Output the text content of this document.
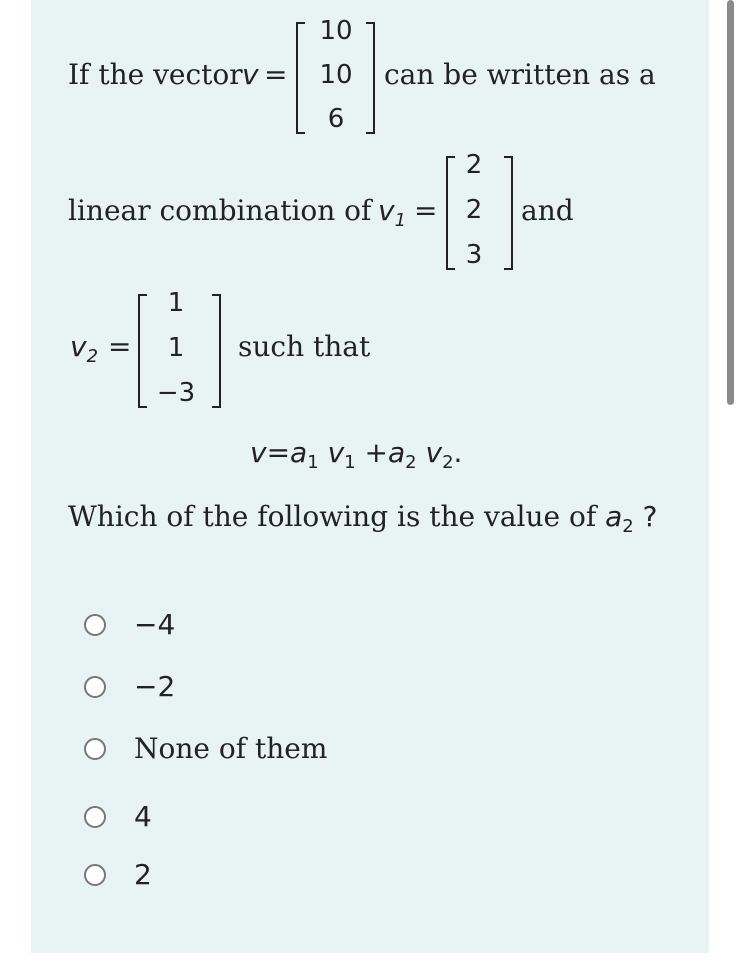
If the vector v =
10
10
6
can be written as a
linear combination of $v_1$ =
2
2
3
and
$v_2$ =
1
1
−3
such that
$v=a_1$ $v_1 +a_2$ $v_2$.
Which of the following is the value of $a_2$ ?
−4
−2
None of them
4
2
